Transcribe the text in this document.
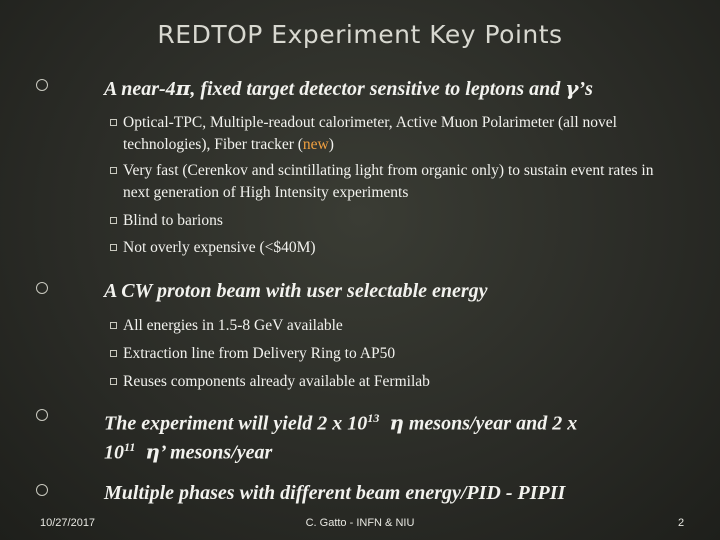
REDTOP Experiment Key Points
A near-4π, fixed target detector sensitive to leptons and γ’s
Optical-TPC, Multiple-readout calorimeter, Active Muon Polarimeter (all novel technologies), Fiber tracker (new)
Very fast (Cerenkov and scintillating light from organic only) to sustain event rates in next generation of High Intensity experiments
Blind to barions
Not overly expensive (<$40M)
A CW proton beam with user selectable energy
All energies in 1.5-8 GeV available
Extraction line from Delivery Ring to AP50
Reuses components already available at Fermilab
The experiment will yield 2 x $10^{13}$ η mesons/year and 2 x
$10^{11}$ η’ mesons/year
Multiple phases with different beam energy/PID - PIPII
10/27/2017	C. Gatto - INFN & NIU	2
